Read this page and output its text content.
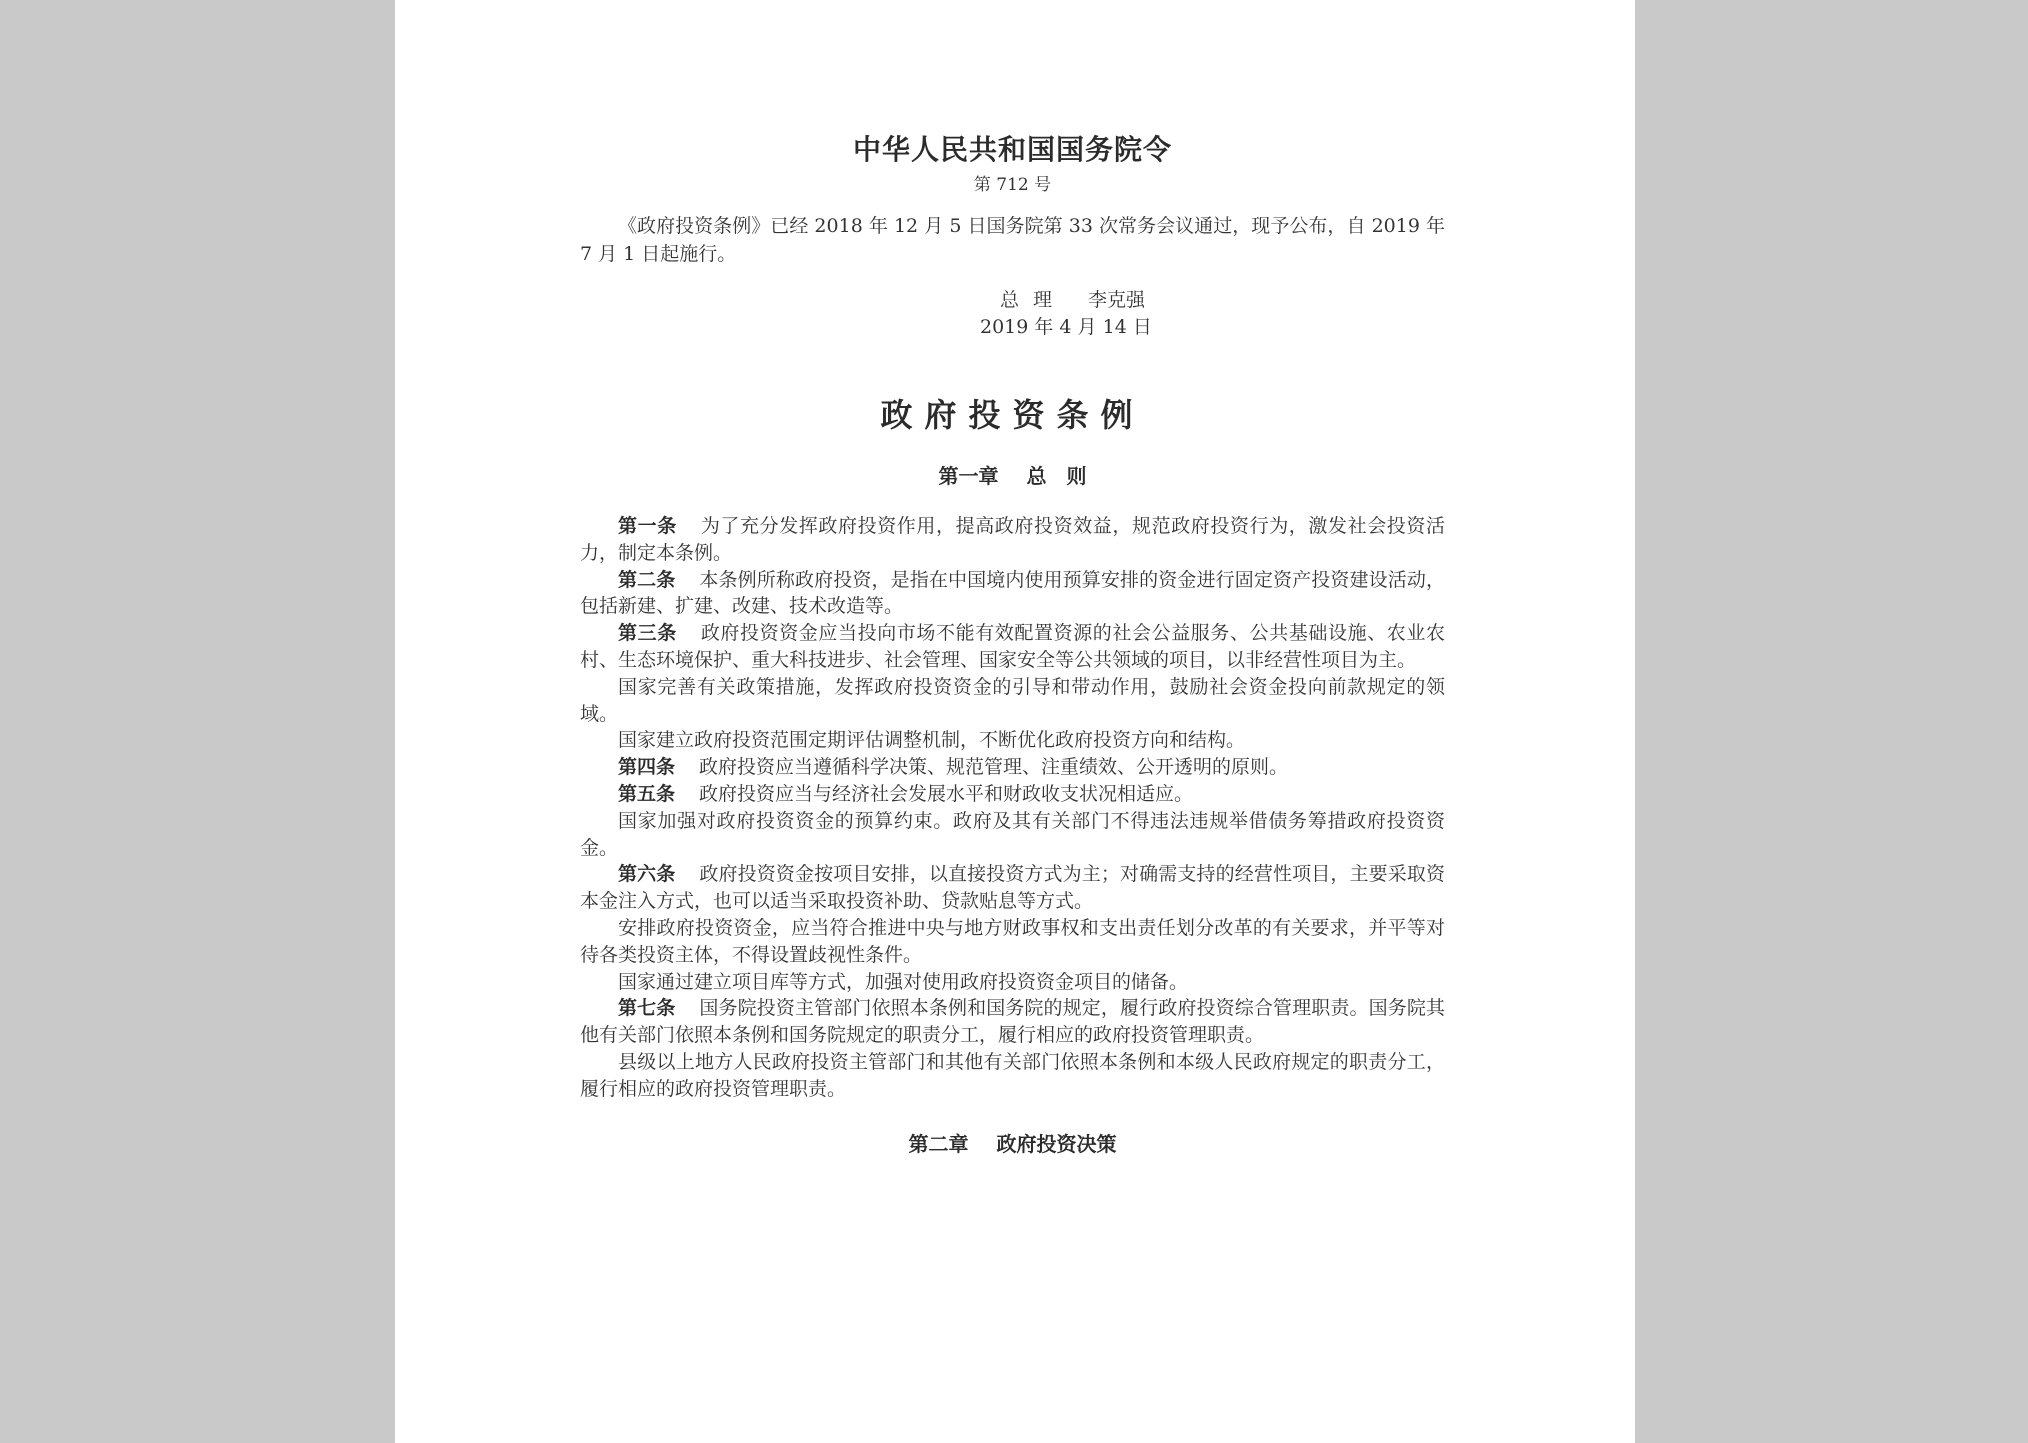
中华人民共和国国务院令
第 712 号

《政府投资条例》已经 2018 年 12 月 5 日国务院第 33 次常务会议通过，现予公布，自 2019 年 7 月 1 日起施行。

总理 李克强
2019 年 4 月 14 日
政府投资条例
第一章 总　则

第一条 为了充分发挥政府投资作用，提高政府投资效益，规范政府投资行为，激发社会投资活力，制定本条例。

第二条 本条例所称政府投资，是指在中国境内使用预算安排的资金进行固定资产投资建设活动，包括新建、扩建、改建、技术改造等。

第三条 政府投资资金应当投向市场不能有效配置资源的社会公益服务、公共基础设施、农业农村、生态环境保护、重大科技进步、社会管理、国家安全等公共领域的项目，以非经营性项目为主。

国家完善有关政策措施，发挥政府投资资金的引导和带动作用，鼓励社会资金投向前款规定的领域。

国家建立政府投资范围定期评估调整机制，不断优化政府投资方向和结构。

第四条 政府投资应当遵循科学决策、规范管理、注重绩效、公开透明的原则。

第五条 政府投资应当与经济社会发展水平和财政收支状况相适应。

国家加强对政府投资资金的预算约束。政府及其有关部门不得违法违规举借债务筹措政府投资资金。

第六条 政府投资资金按项目安排，以直接投资方式为主；对确需支持的经营性项目，主要采取资本金注入方式，也可以适当采取投资补助、贷款贴息等方式。

安排政府投资资金，应当符合推进中央与地方财政事权和支出责任划分改革的有关要求，并平等对待各类投资主体，不得设置歧视性条件。

国家通过建立项目库等方式，加强对使用政府投资资金项目的储备。

第七条 国务院投资主管部门依照本条例和国务院的规定，履行政府投资综合管理职责。国务院其他有关部门依照本条例和国务院规定的职责分工，履行相应的政府投资管理职责。

县级以上地方人民政府投资主管部门和其他有关部门依照本条例和本级人民政府规定的职责分工，履行相应的政府投资管理职责。

第二章 政府投资决策
